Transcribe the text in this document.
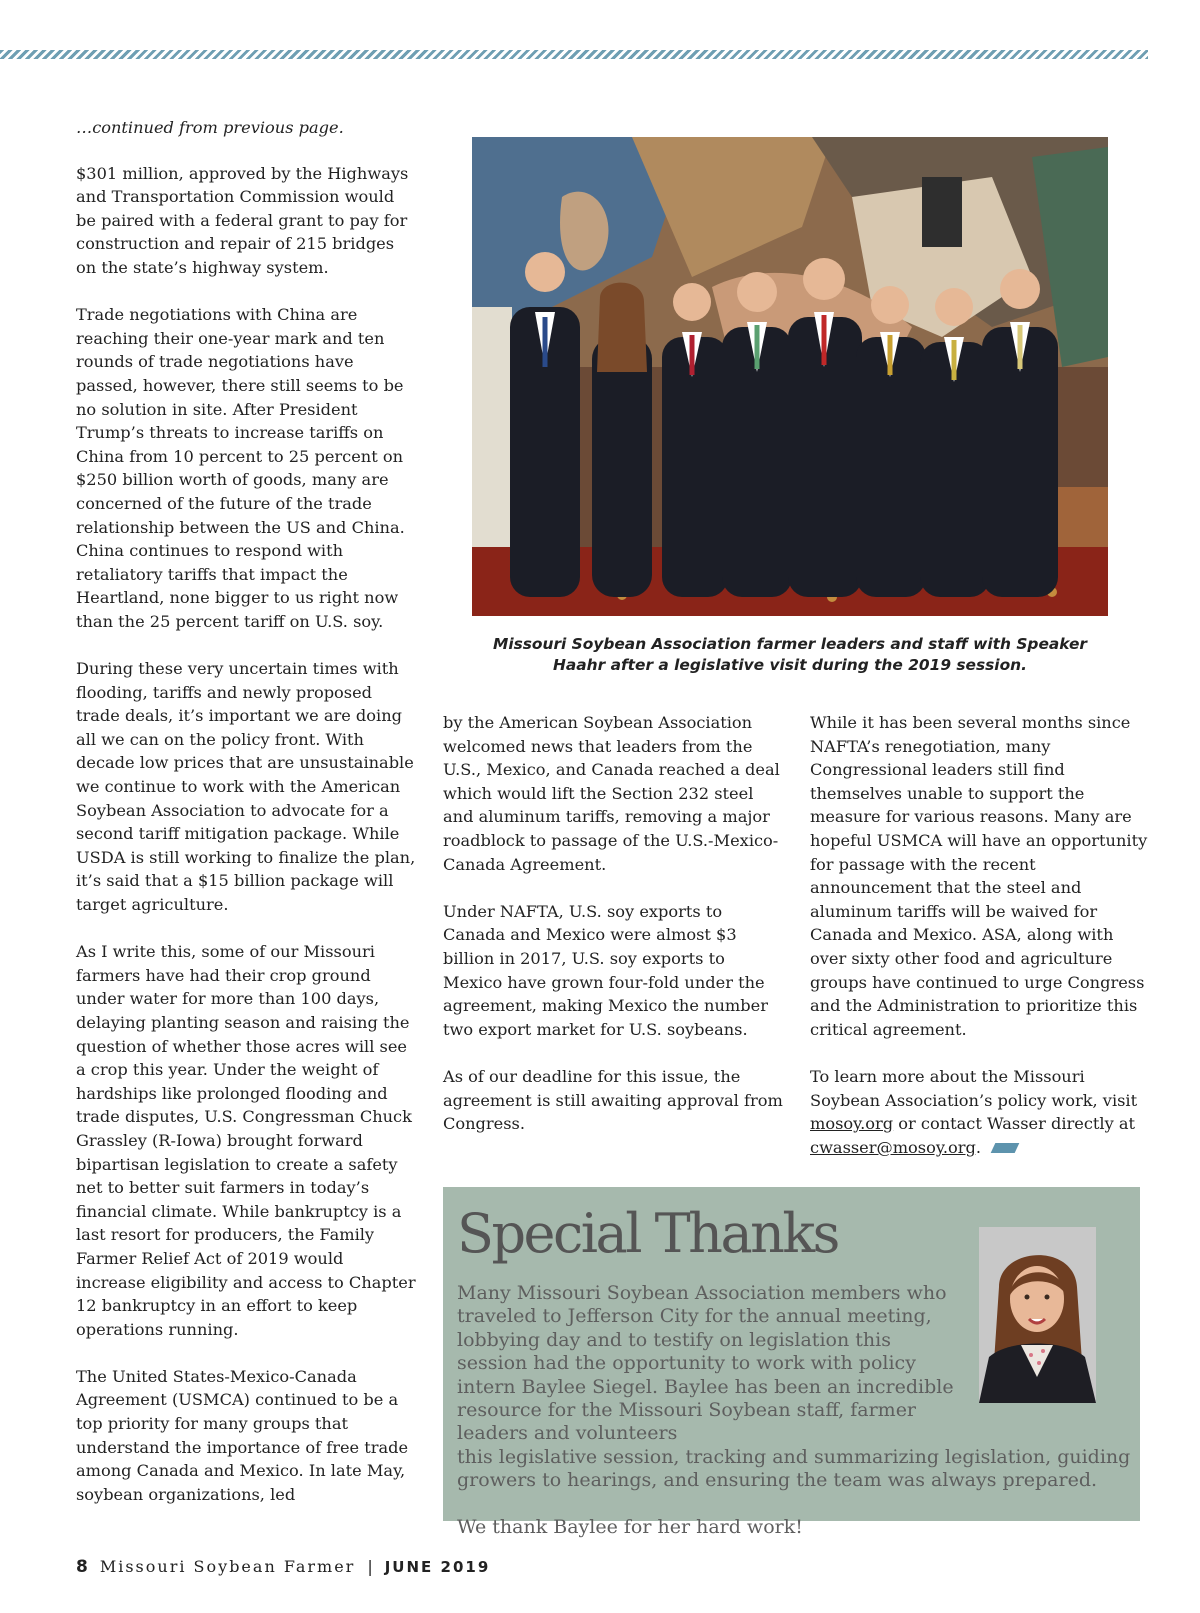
…continued from previous page.

$301 million, approved by the Highways and Transportation Commission would be paired with a federal grant to pay for construction and repair of 215 bridges on the state’s highway system.

Trade negotiations with China are reaching their one-year mark and ten rounds of trade negotiations have passed, however, there still seems to be no solution in site. After President Trump’s threats to increase tariffs on China from 10 percent to 25 percent on $250 billion worth of goods, many are concerned of the future of the trade relationship between the US and China. China continues to respond with retaliatory tariffs that impact the Heartland, none bigger to us right now than the 25 percent tariff on U.S. soy.

During these very uncertain times with flooding, tariffs and newly proposed trade deals, it’s important we are doing all we can on the policy front. With decade low prices that are unsustainable we continue to work with the American Soybean Association to advocate for a second tariff mitigation package. While USDA is still working to finalize the plan, it’s said that a $15 billion package will target agriculture.

As I write this, some of our Missouri farmers have had their crop ground under water for more than 100 days, delaying planting season and raising the question of whether those acres will see a crop this year. Under the weight of hardships like prolonged flooding and trade disputes, U.S. Congressman Chuck Grassley (R-Iowa) brought forward bipartisan legislation to create a safety net to better suit farmers in today’s financial climate. While bankruptcy is a last resort for producers, the Family Farmer Relief Act of 2019 would increase eligibility and access to Chapter 12 bankruptcy in an effort to keep operations running.

The United States-Mexico-Canada Agreement (USMCA) continued to be a top priority for many groups that understand the importance of free trade among Canada and Mexico. In late May, soybean organizations, led

Missouri Soybean Association farmer leaders and staff with Speaker
Haahr after a legislative visit during the 2019 session.

by the American Soybean Association welcomed news that leaders from the U.S., Mexico, and Canada reached a deal which would lift the Section 232 steel and aluminum tariffs, removing a major roadblock to passage of the U.S.-Mexico-Canada Agreement.

Under NAFTA, U.S. soy exports to Canada and Mexico were almost $3 billion in 2017, U.S. soy exports to Mexico have grown four-fold under the agreement, making Mexico the number two export market for U.S. soybeans.

As of our deadline for this issue, the agreement is still awaiting approval from Congress.

While it has been several months since NAFTA’s renegotiation, many Congressional leaders still find themselves unable to support the measure for various reasons. Many are hopeful USMCA will have an opportunity for passage with the recent announcement that the steel and aluminum tariffs will be waived for Canada and Mexico. ASA, along with over sixty other food and agriculture groups have continued to urge Congress and the Administration to prioritize this critical agreement.

To learn more about the Missouri Soybean Association’s policy work, visit mosoy.org or contact Wasser directly at cwasser@mosoy.org.

Special Thanks

Many Missouri Soybean Association members who traveled to Jefferson City for the annual meeting, lobbying day and to testify on legislation this session had the opportunity to work with policy intern Baylee Siegel. Baylee has been an incredible resource for the Missouri Soybean staff, farmer leaders and volunteers
this legislative session, tracking and summarizing legislation, guiding growers to hearings, and ensuring the team was always prepared.

We thank Baylee for her hard work!

8 Missouri Soybean Farmer | JUNE 2019
